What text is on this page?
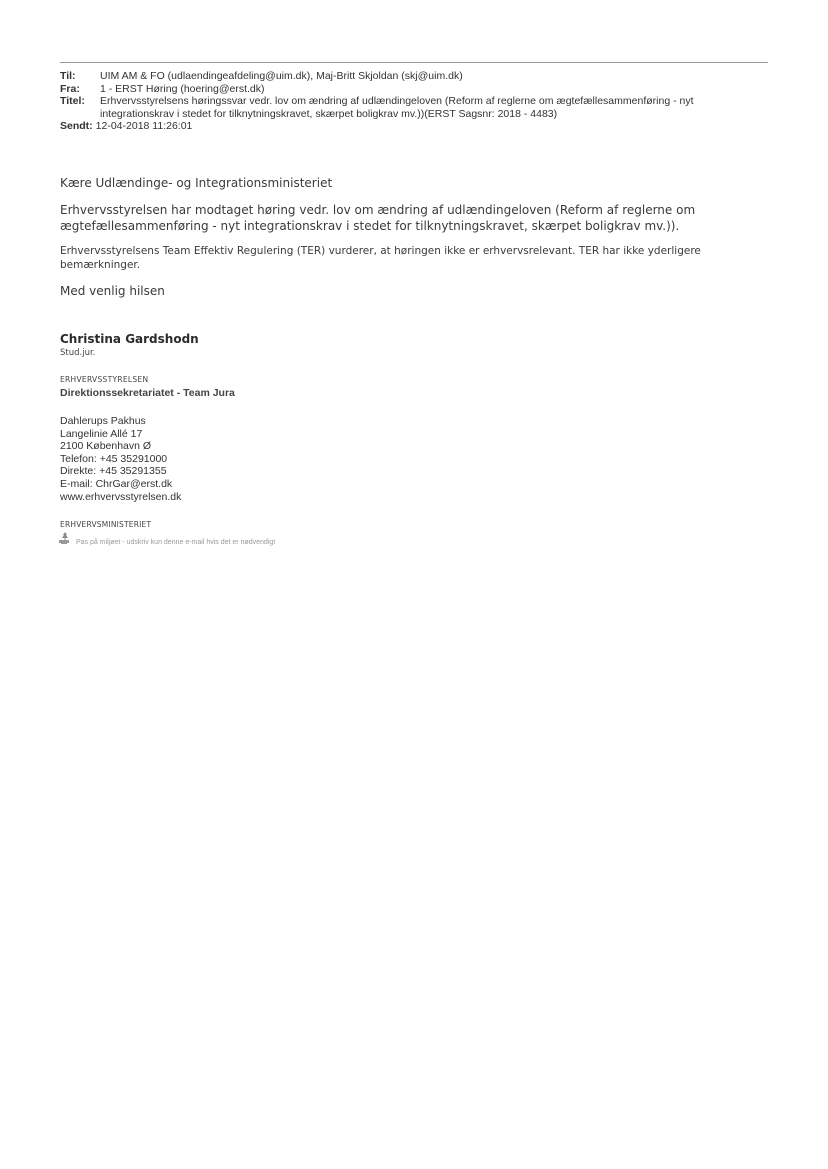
Til:	UIM AM & FO (udlaendingeafdeling@uim.dk), Maj-Britt Skjoldan (skj@uim.dk)
Fra:	1 - ERST Høring (hoering@erst.dk)
Titel:	Erhvervsstyrelsens høringssvar vedr. lov om ændring af udlændingeloven (Reform af reglerne om ægtefællesammenføring - nyt integrationskrav i stedet for tilknytningskravet, skærpet boligkrav mv.))(ERST Sagsnr: 2018 - 4483)
Sendt: 12-04-2018 11:26:01

Kære Udlændinge- og Integrationsministeriet

Erhvervsstyrelsen har modtaget høring vedr. lov om ændring af udlændingeloven (Reform af reglerne om ægtefællesammenføring - nyt integrationskrav i stedet for tilknytningskravet, skærpet boligkrav mv.)).

Erhvervsstyrelsens Team Effektiv Regulering (TER) vurderer, at høringen ikke er erhvervsrelevant. TER har ikke yderligere bemærkninger.

Med venlig hilsen

Christina Gardshodn
Stud.jur.
ERHVERVSSTYRELSEN
Direktionssekretariatet - Team Jura
Dahlerups Pakhus
Langelinie Allé 17
2100 København Ø
Telefon: +45 35291000
Direkte: +45 35291355
E-mail: ChrGar@erst.dk
www.erhvervsstyrelsen.dk
ERHVERVSMINISTERIET
Pas på miljøet - udskriv kun denne e-mail hvis det er nødvendigt
